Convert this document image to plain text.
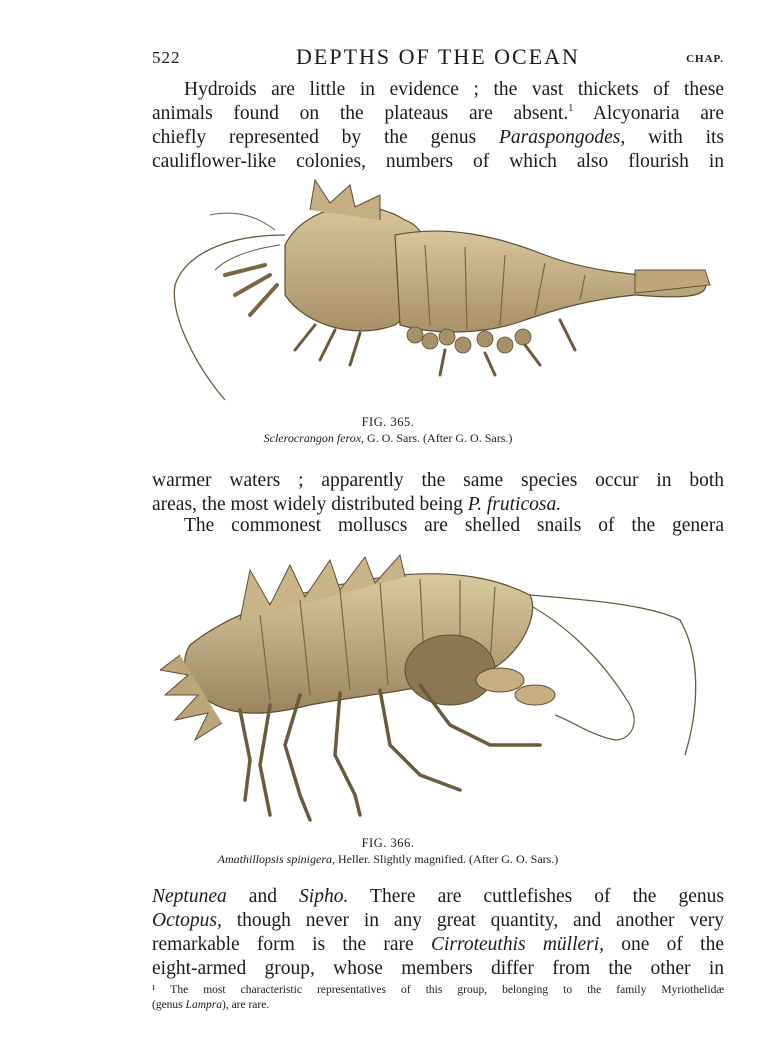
522	DEPTHS OF THE OCEAN	CHAP.
Hydroids are little in evidence ; the vast thickets of these
animals found on the plateaus are absent.$^1$ Alcyonaria are
chiefly represented by the genus Paraspongodes, with its
cauliflower-like colonies, numbers of which also flourish in
FIG. 365.
Sclerocrangon ferox, G. O. Sars. (After G. O. Sars.)
warmer waters ; apparently the same species occur in both
areas, the most widely distributed being P. fruticosa.
The commonest molluscs are shelled snails of the genera
FIG. 366.
Amathillopsis spinigera, Heller. Slightly magnified. (After G. O. Sars.)
Neptunea and Sipho. There are cuttlefishes of the genus
Octopus, though never in any great quantity, and another very
remarkable form is the rare Cirroteuthis mülleri, one of the
eight-armed group, whose members differ from the other in
¹ The most characteristic representatives of this group, belonging to the family Myriothelidæ
(genus Lampra), are rare.
